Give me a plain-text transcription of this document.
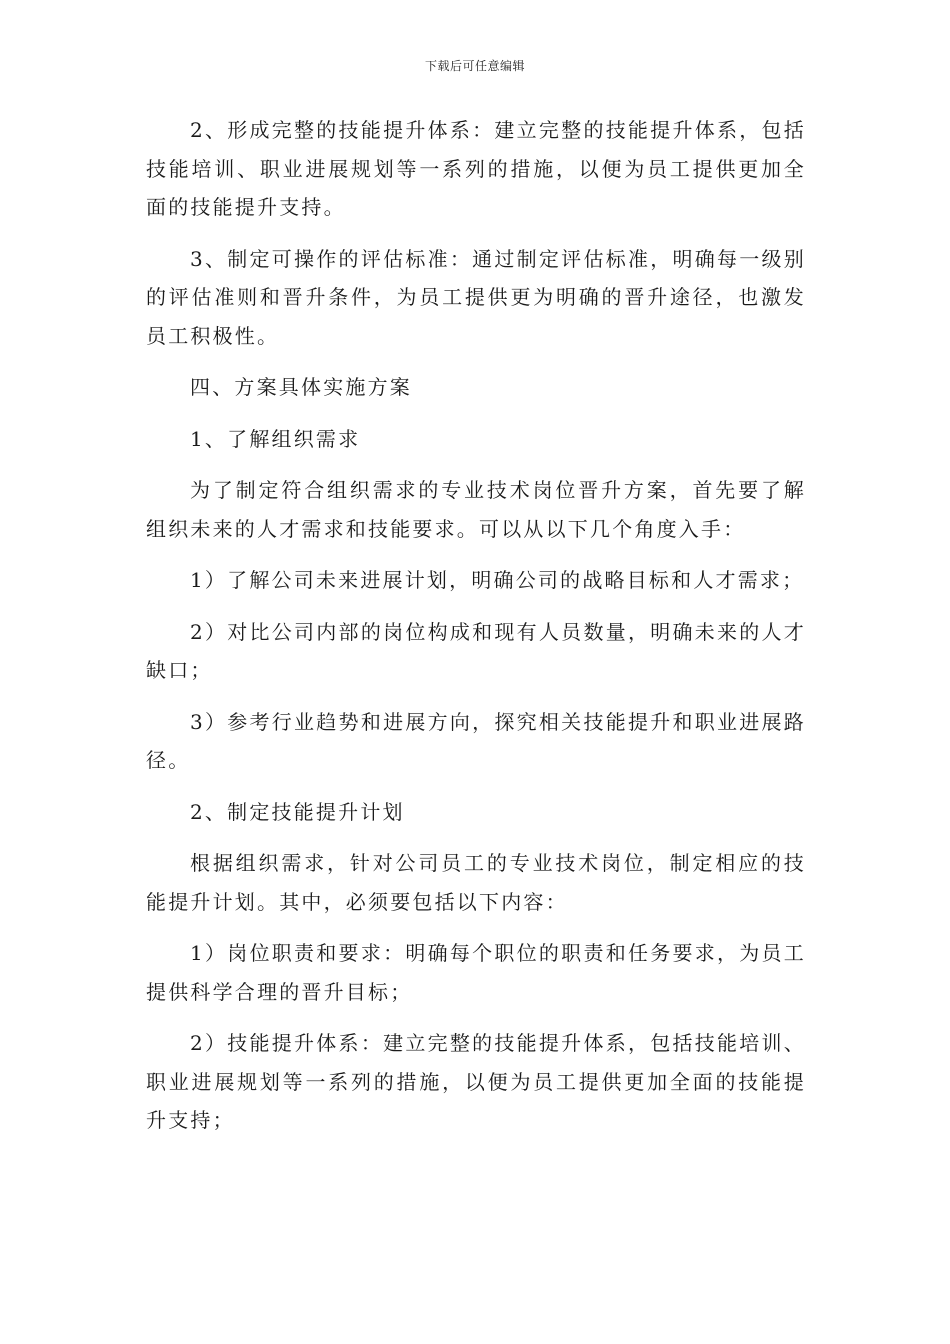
下载后可任意编辑

2、形成完整的技能提升体系：建立完整的技能提升体系，包括技能培训、职业进展规划等一系列的措施，以便为员工提供更加全面的技能提升支持。

3、制定可操作的评估标准：通过制定评估标准，明确每一级别的评估准则和晋升条件，为员工提供更为明确的晋升途径，也激发员工积极性。

四、方案具体实施方案

1、了解组织需求

为了制定符合组织需求的专业技术岗位晋升方案，首先要了解组织未来的人才需求和技能要求。可以从以下几个角度入手：

1）了解公司未来进展计划，明确公司的战略目标和人才需求；

2）对比公司内部的岗位构成和现有人员数量，明确未来的人才缺口；

3）参考行业趋势和进展方向，探究相关技能提升和职业进展路径。

2、制定技能提升计划

根据组织需求，针对公司员工的专业技术岗位，制定相应的技能提升计划。其中，必须要包括以下内容：

1）岗位职责和要求：明确每个职位的职责和任务要求，为员工提供科学合理的晋升目标；

2）技能提升体系：建立完整的技能提升体系，包括技能培训、职业进展规划等一系列的措施，以便为员工提供更加全面的技能提升支持；
